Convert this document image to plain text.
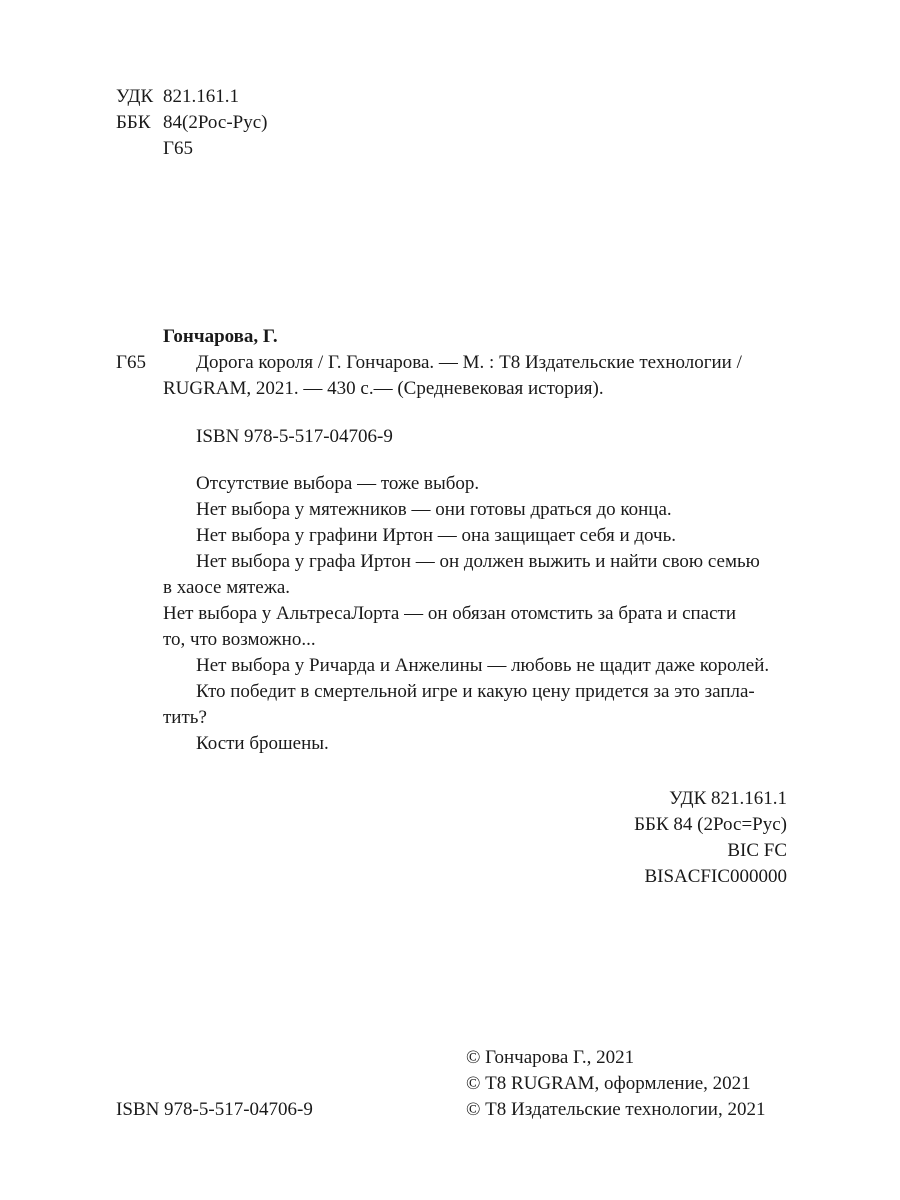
УДК 821.161.1
ББК 84(2Рос-Рус)
Г65
Гончарова, Г.
Г65	Дорога короля / Г. Гончарова. — М. : Т8 Издательские технологии /
RUGRAM, 2021. — 430 с.— (Средневековая история).
ISBN 978-5-517-04706-9
Отсутствие выбора — тоже выбор.
Нет выбора у мятежников — они готовы драться до конца.
Нет выбора у графини Иртон — она защищает себя и дочь.
Нет выбора у графа Иртон — он должен выжить и найти свою семью
в хаосе мятежа.
Нет выбора у АльтресаЛорта — он обязан отомстить за брата и спасти
то, что возможно...
Нет выбора у Ричарда и Анжелины — любовь не щадит даже королей.
Кто победит в смертельной игре и какую цену придется за это запла-
тить?
Кости брошены.
УДК 821.161.1
ББК 84 (2Рос=Рус)
BIC FC
BISACFIC000000
ISBN 978-5-517-04706-9
© Гончарова Г., 2021
© Т8 RUGRAM, оформление, 2021
© Т8 Издательские технологии, 2021
